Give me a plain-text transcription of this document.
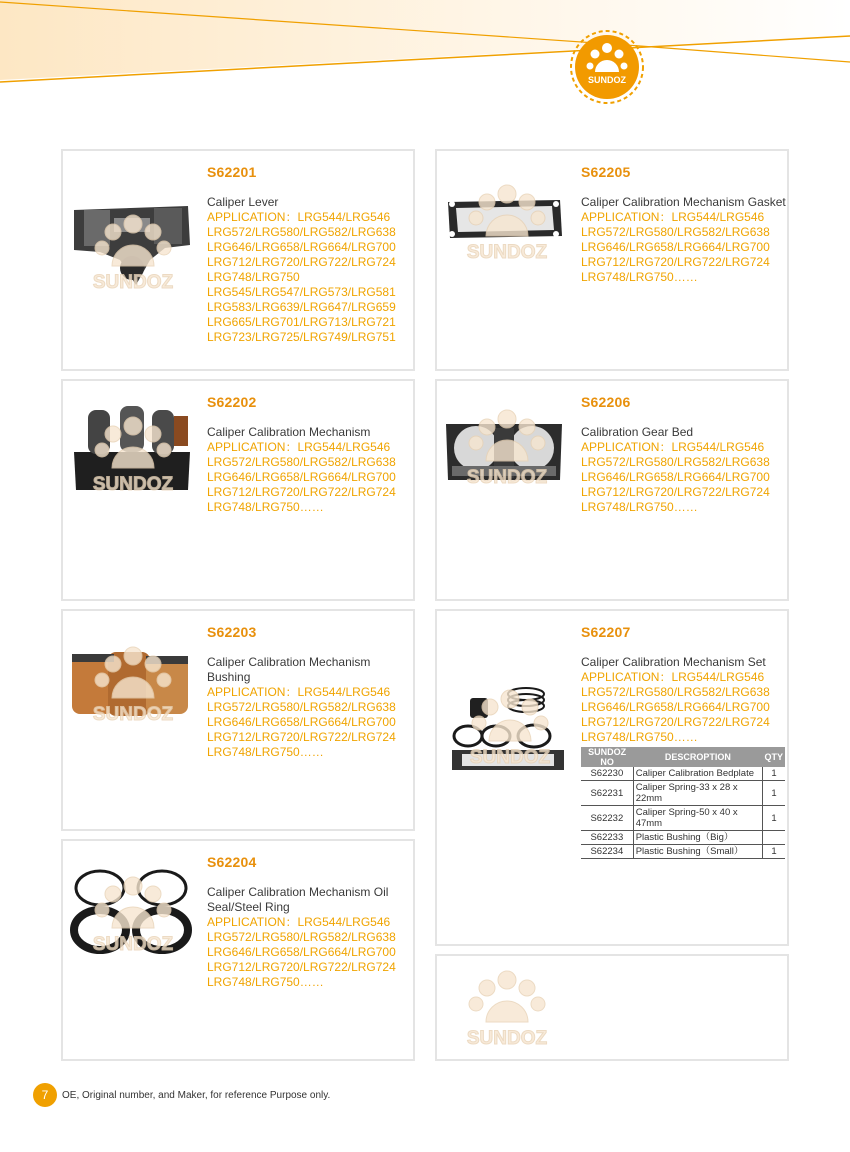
SUNDOZ
SUNDOZ
S62201
Caliper Lever
APPLICATION：LRG544/LRG546
LRG572/LRG580/LRG582/LRG638
LRG646/LRG658/LRG664/LRG700
LRG712/LRG720/LRG722/LRG724
LRG748/LRG750
LRG545/LRG547/LRG573/LRG581
LRG583/LRG639/LRG647/LRG659
LRG665/LRG701/LRG713/LRG721
LRG723/LRG725/LRG749/LRG751
SUNDOZ
S62202
Caliper Calibration Mechanism
APPLICATION：LRG544/LRG546
LRG572/LRG580/LRG582/LRG638
LRG646/LRG658/LRG664/LRG700
LRG712/LRG720/LRG722/LRG724
LRG748/LRG750……
SUNDOZ
S62203
Caliper Calibration Mechanism Bushing
APPLICATION：LRG544/LRG546
LRG572/LRG580/LRG582/LRG638
LRG646/LRG658/LRG664/LRG700
LRG712/LRG720/LRG722/LRG724
LRG748/LRG750……
SUNDOZ
S62204
Caliper Calibration Mechanism Oil Seal/Steel Ring
APPLICATION：LRG544/LRG546
LRG572/LRG580/LRG582/LRG638
LRG646/LRG658/LRG664/LRG700
LRG712/LRG720/LRG722/LRG724
LRG748/LRG750……
SUNDOZ
S62205
Caliper Calibration Mechanism Gasket
APPLICATION：LRG544/LRG546
LRG572/LRG580/LRG582/LRG638
LRG646/LRG658/LRG664/LRG700
LRG712/LRG720/LRG722/LRG724
LRG748/LRG750……
SUNDOZ
S62206
Calibration Gear Bed
APPLICATION：LRG544/LRG546
LRG572/LRG580/LRG582/LRG638
LRG646/LRG658/LRG664/LRG700
LRG712/LRG720/LRG722/LRG724
LRG748/LRG750……
SUNDOZ
S62207
Caliper Calibration Mechanism Set
APPLICATION：LRG544/LRG546
LRG572/LRG580/LRG582/LRG638
LRG646/LRG658/LRG664/LRG700
LRG712/LRG720/LRG722/LRG724
LRG748/LRG750……
SUNDOZ NO	DESCROPTION	QTY
S62230	Caliper Calibration Bedplate	1
S62231	Caliper Spring-33 x 28 x 22mm	1
S62232	Caliper Spring-50 x 40 x 47mm	1
S62233	Plastic Bushing（Big）	
S62234	Plastic Bushing（Small）	1
SUNDOZ
7	OE, Original number, and Maker, for reference Purpose only.
